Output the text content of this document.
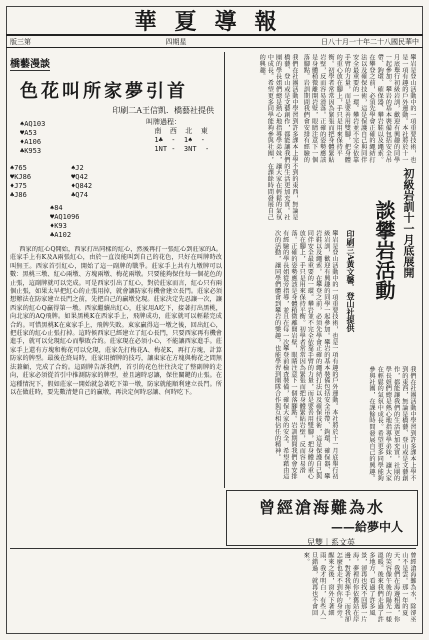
華夏導報
版三第	四期星	日八十月一十年二十八國民華中
橋藝漫談
色花叫所家夢引首
印刷二A王信凱．橋藝社提供
♠AQ103
♥A53
♦A106
♣K953
叫牌過程：
南  西  北  東
1♣  -  1♠  -
1NT -  3NT  -
♠765
♥KJ86
♦J75
♣J86
♠J2
♥Q42
♦Q842
♣Q74
♠84
♥AQ1096
♦K93
♣A102

西家的紅心Q開始，西家打出同樣的紅心，然後再打一張紅心到莊家的A。莊家手上有K及A兩張紅心，由於一直沒能叫到自己的花色，只好在叫牌時改叫無王。西家首引紅心，開始了這一副牌的戰爭。莊家手上共有九墩牌可以數：黑桃三墩、紅心兩墩、方塊兩墩、梅花兩墩。只要能夠保住每一個花色的止張，這副牌就可以完成。可是西家引出了紅心，對於莊家而言，紅心只有兩個止張，如果太早把紅心的止張用掉，就會讓防家有機會建立長門。莊家必須想辦法在防家建立長門之前，先把自己的贏墩兌現。莊家決定先忍讓一次，讓西家的紅心Q贏得第一墩。西家繼續出紅心，莊家用A吃下，接著打出黑桃，向北家的AQ飛牌。如果黑桃K在西家手上，飛牌成功，莊家就可以輕鬆完成合約。可惜黑桃K在東家手上，飛牌失敗。東家贏得這一墩之後，回出紅心，把莊家的紅心止張打掉。這時候西家已經建立了紅心長門，只要西家再有機會進手，就可以兌現紅心而擊敗合約。莊家現在必須小心，不能讓西家進手。莊家手上還有方塊和梅花可以兌現，莊家先打梅花A、梅花K，再打方塊，計算防家的牌型。最後在終局時，莊家用擠牌的技巧，讓東家在方塊與梅花之間無法兼顧，完成了合約。這副牌告訴我們，首引的花色往往決定了整副牌的走向，莊家必須從首引中推測防家的牌型，並且適時忍讓，保住關鍵的止張。在這種情況下，假如莊家一開始就急著吃下第一墩，防家就能順利建立長門。所以在做莊時，要先數清楚自己的贏墩，再決定何時忍讓、何時吃下。

我們在社團活動中學習到許多課本上學不到的東西，無論是橋藝、登山或是文藝創作，都能讓我們的生活更加充實。社團的學長姐們總是熱心地指導學弟妹，讓大家在輕鬆的氣氛中成長。希望更多同學能夠參與社團，在課餘時間發展自己的興趣。	攀岩是登山活動中的一項重要技術，也是一項有趣的戶外運動。本社將於十一月底舉行初級岩訓，歡迎有興趣的同學一起參加。攀岩的基本裝備包括安全吊帶、鉤環、確保器、攀岩鞋以及繩索。在攀登之前，必須先學會正確的繩結打法以及確保技術，這是保護自己與同伴安全最重要的一環。攀岩並不完全依靠手臂的力量，而是要善用雙腳，把身體的重心放在腳上，手只是用來保持平衡。初學者常常因為緊張而把身體緊貼岩壁，反而容易滑落。正確的姿勢應該是身體稍微離開岩壁，眼睛注意下一個落腳點。岩訓期間我們會安排有經驗的
初級岩訓十一月底展開
談攀岩活動
印刷三A黃文馨．登山社提供
攀岩是登山活動中的一項重要技術，也是一項有趣的戶外運動。本社將於十一月底舉行初級岩訓，歡迎有興趣的同學一起參加。攀岩的基本裝備包括安全吊帶、鉤環、確保器、攀岩鞋以及繩索。在攀登之前，必須先學會正確的繩結打法以及確保技術，這是保護自己與同伴安全最重要的一環。攀岩並不完全依靠手臂的力量，而是要善用雙腳，把身體的重心放在腳上，手只是用來保持平衡。初學者常常因為緊張而把身體緊貼岩壁，反而容易滑落。正確的姿勢應該是身體稍微離開岩壁，眼睛注意下一個落腳點。岩訓期間我們會安排有經驗的學長姐從旁指導，並且在每一次攀登前檢查裝備，確保大家的安全。希望藉由這次的活動，讓同學們體會到攀岩的樂趣，也能學習到團隊合作與互相信任的精神。	我們在社團活動中學習到許多課本上學不到的東西，無論是橋藝、登山或是文藝創作，都能讓我們的生活更加充實。社團的學長姐們總是熱心地指導學弟妹，讓大家在輕鬆的氣氛中成長。希望更多同學能夠參與社團，在課餘時間發展自己的興趣。
曾經滄海難為水
——給夢中人
兒雙｜系文英
曾經滄海難為水，除卻巫山不是雲。那一年的夏天，我們在海邊相遇，你的笑容像午後的陽光一樣溫暖。後來我們走過了許多地方，看過了許多風景，卻再也找不回那一片海。夢裡的你依舊站在岸邊，對著我揮手，而我卻怎麼也走不到你的身旁。醒來之後，窗外下著細雨，我才明白，有些人一旦錯過，就再也不會回來。
